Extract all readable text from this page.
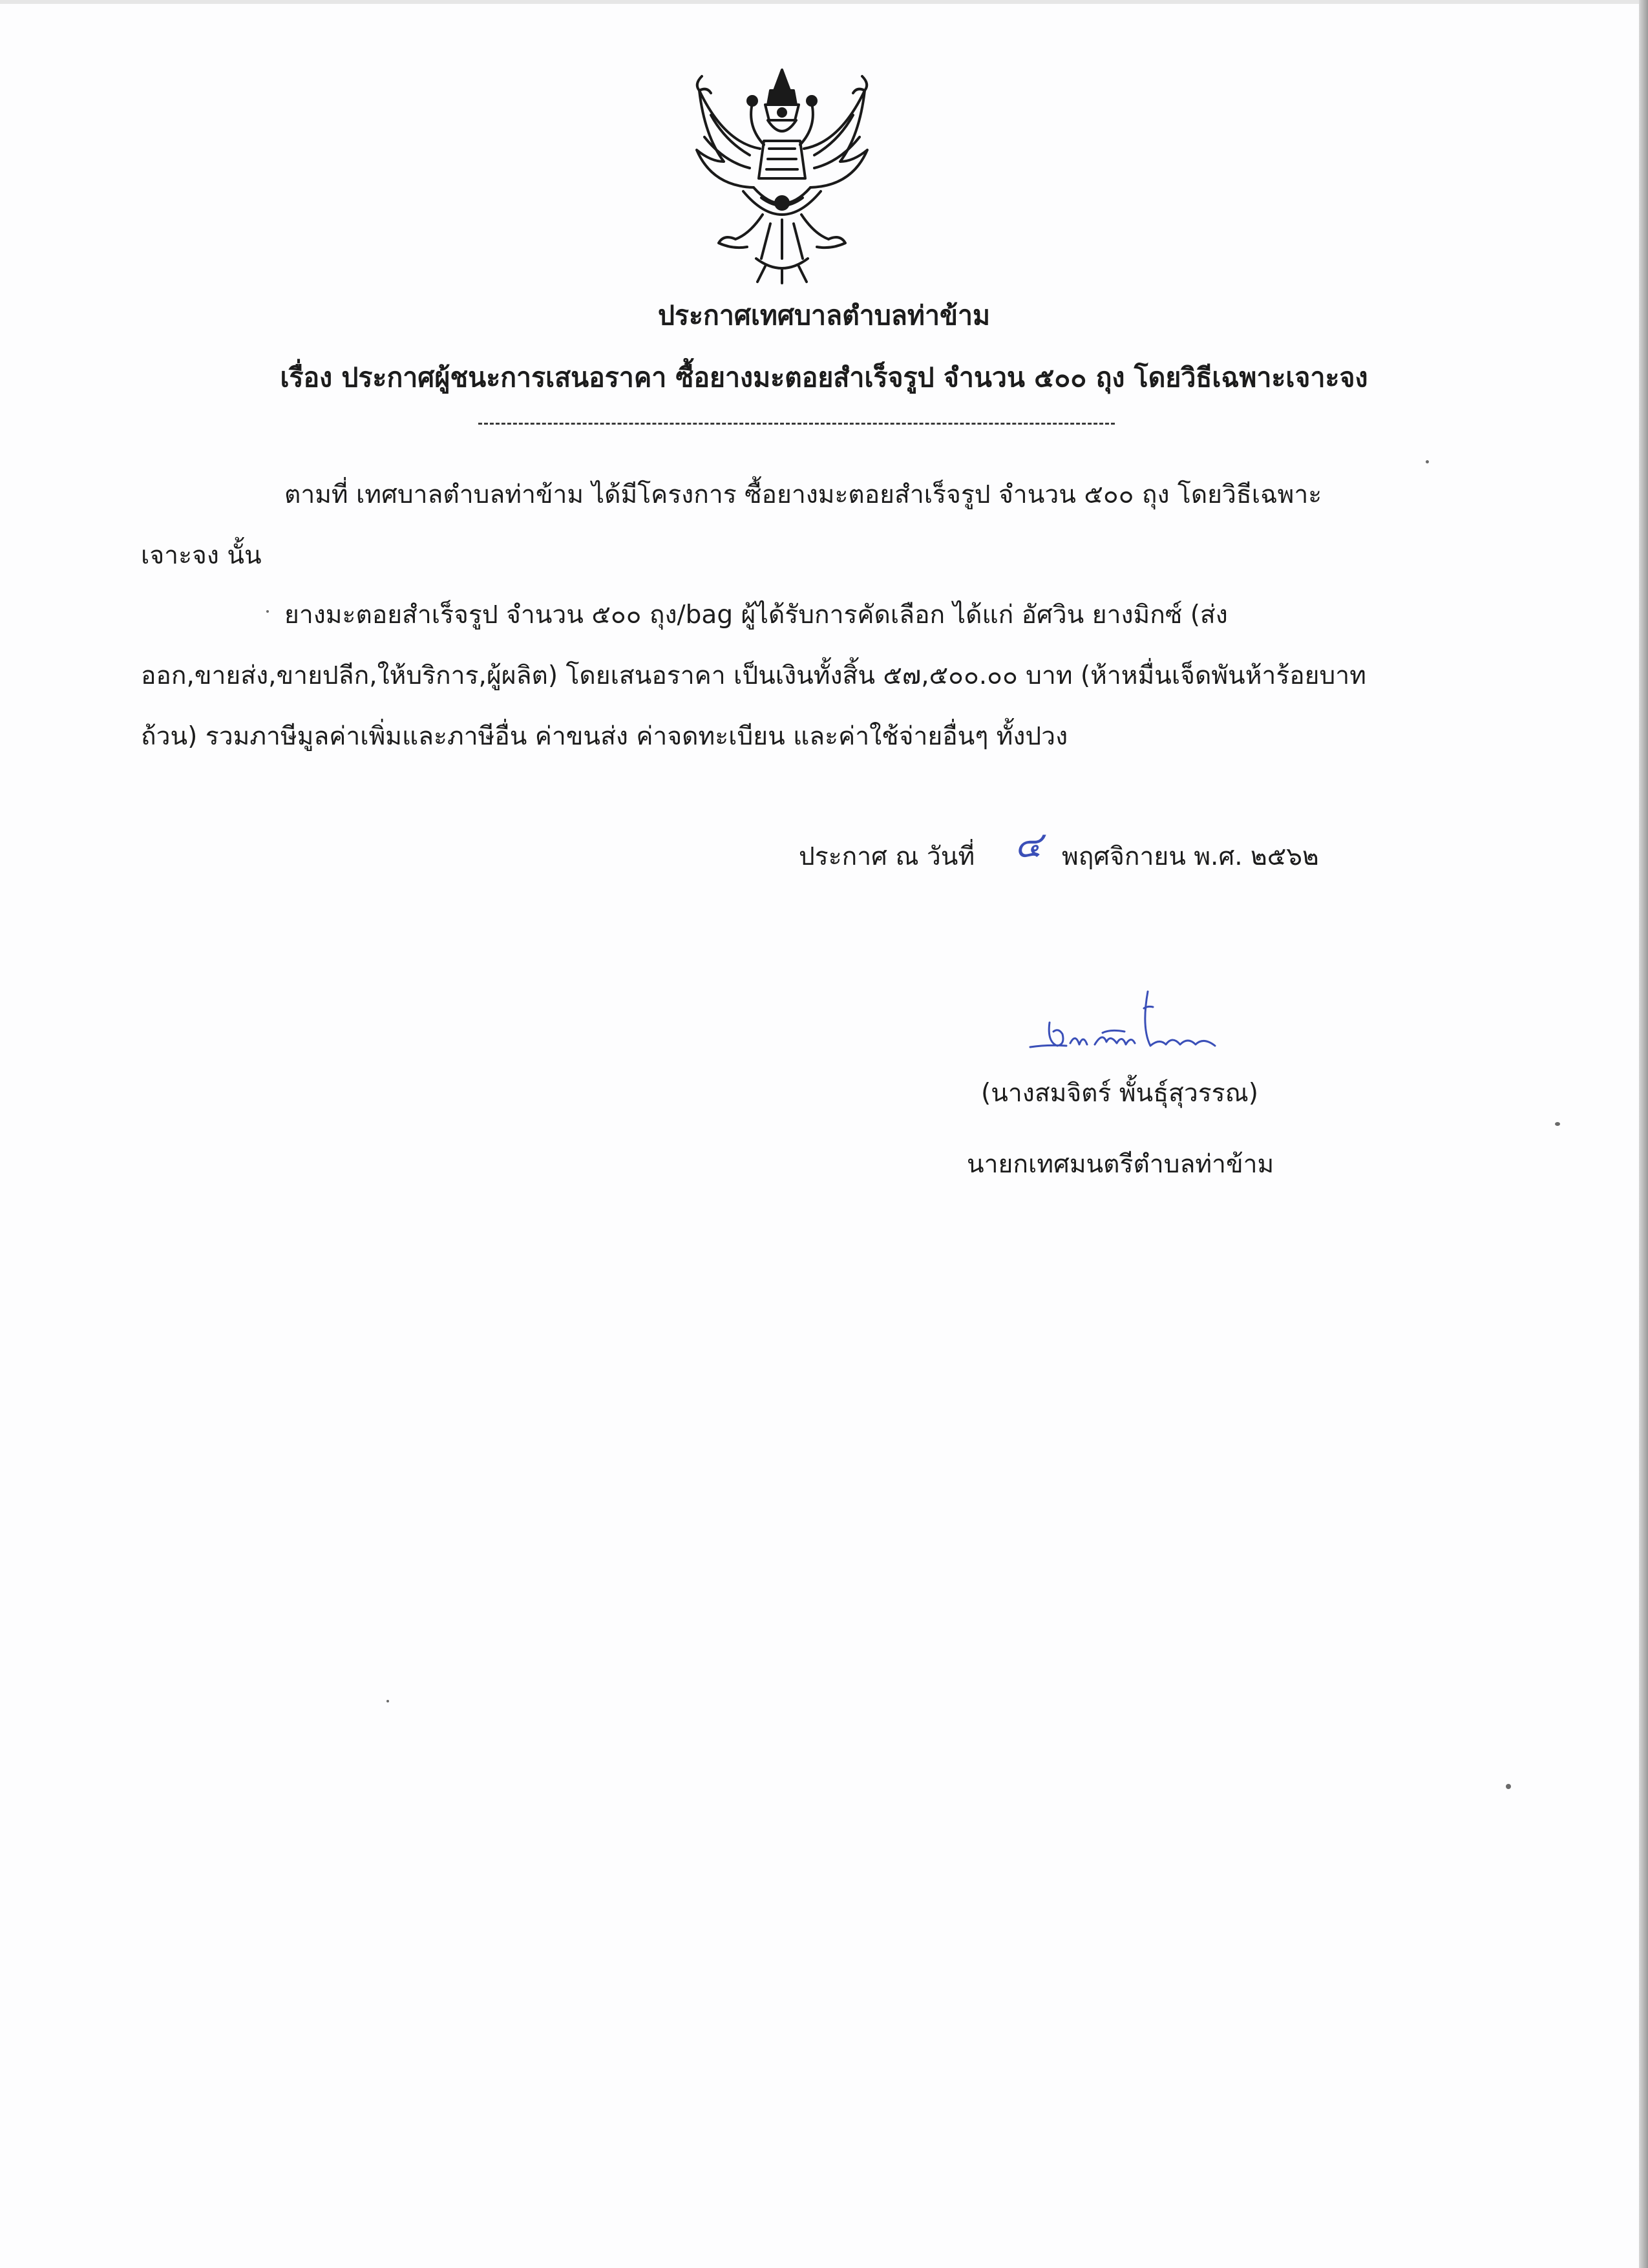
ประกาศเทศบาลตำบลท่าข้าม
เรื่อง ประกาศผู้ชนะการเสนอราคา ซื้อยางมะตอยสำเร็จรูป จำนวน ๕๐๐ ถุง โดยวิธีเฉพาะเจาะจง
ตามที่ เทศบาลตำบลท่าข้าม ได้มีโครงการ ซื้อยางมะตอยสำเร็จรูป จำนวน ๕๐๐ ถุง โดยวิธีเฉพาะ
เจาะจง นั้น
ยางมะตอยสำเร็จรูป จำนวน ๕๐๐ ถุง/bag ผู้ได้รับการคัดเลือก ได้แก่ อัศวิน ยางมิกซ์ (ส่ง
ออก,ขายส่ง,ขายปลีก,ให้บริการ,ผู้ผลิต) โดยเสนอราคา เป็นเงินทั้งสิ้น ๕๗,๕๐๐.๐๐ บาท (ห้าหมื่นเจ็ดพันห้าร้อยบาท
ถ้วน) รวมภาษีมูลค่าเพิ่มและภาษีอื่น ค่าขนส่ง ค่าจดทะเบียน และค่าใช้จ่ายอื่นๆ ทั้งปวง
ประกาศ ณ วันที่	พฤศจิกายน พ.ศ. ๒๕๖๒
๔
(นางสมจิตร์ พั้นธุ์สุวรรณ)
นายกเทศมนตรีตำบลท่าข้าม
